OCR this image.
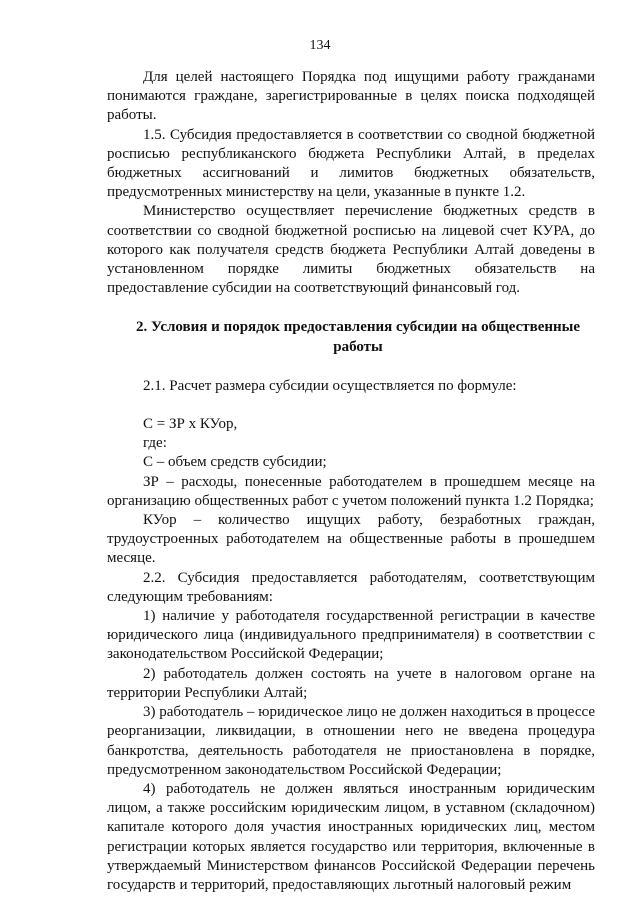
134

Для целей настоящего Порядка под ищущими работу гражданами понимаются граждане, зарегистрированные в целях поиска подходящей работы.

1.5. Субсидия предоставляется в соответствии со сводной бюджетной росписью республиканского бюджета Республики Алтай, в пределах бюджетных ассигнований и лимитов бюджетных обязательств, предусмотренных министерству на цели, указанные в пункте 1.2.

Министерство осуществляет перечисление бюджетных средств в соответствии со сводной бюджетной росписью на лицевой счет КУРА, до которого как получателя средств бюджета Республики Алтай доведены в установленном порядке лимиты бюджетных обязательств на предоставление субсидии на соответствующий финансовый год.

2. Условия и порядок предоставления субсидии на общественные работы

2.1. Расчет размера субсидии осуществляется по формуле:

С = ЗР х КУор,

где:

С – объем средств субсидии;

ЗР – расходы, понесенные работодателем в прошедшем месяце на организацию общественных работ с учетом положений пункта 1.2 Порядка;

КУор – количество ищущих работу, безработных граждан, трудоустроенных работодателем на общественные работы в прошедшем месяце.

2.2. Субсидия предоставляется работодателям, соответствующим следующим требованиям:

1) наличие у работодателя государственной регистрации в качестве юридического лица (индивидуального предпринимателя) в соответствии с законодательством Российской Федерации;

2) работодатель должен состоять на учете в налоговом органе на территории Республики Алтай;

3) работодатель – юридическое лицо не должен находиться в процессе реорганизации, ликвидации, в отношении него не введена процедура банкротства, деятельность работодателя не приостановлена в порядке, предусмотренном законодательством Российской Федерации;

4) работодатель не должен являться иностранным юридическим лицом, а также российским юридическим лицом, в уставном (складочном) капитале которого доля участия иностранных юридических лиц, местом регистрации которых является государство или территория, включенные в утверждаемый Министерством финансов Российской Федерации перечень государств и территорий, предоставляющих льготный налоговый режим
